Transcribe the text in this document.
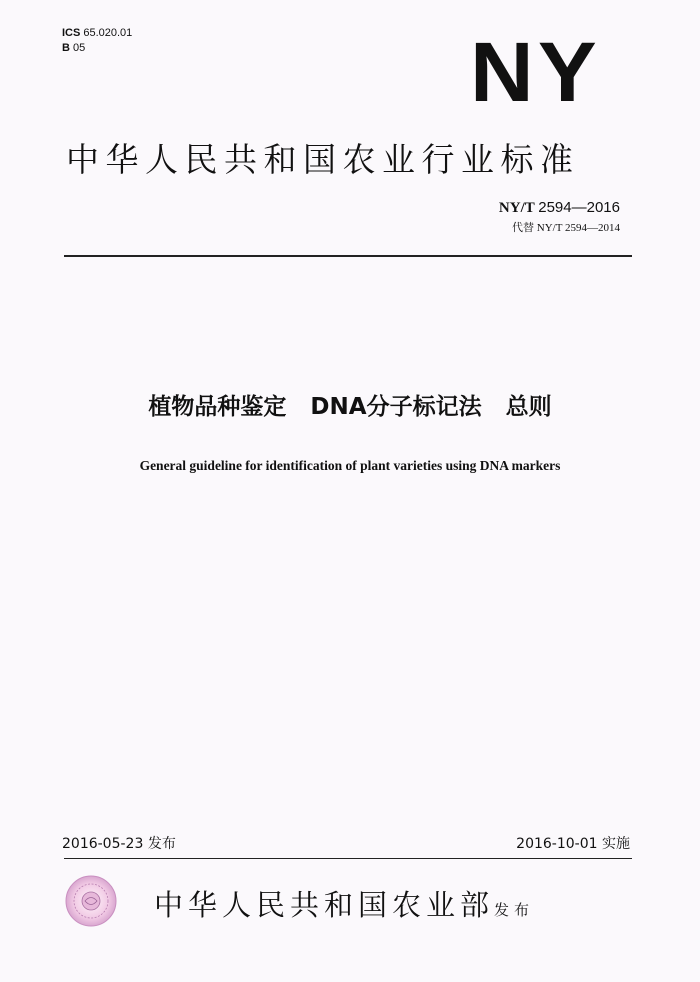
ICS 65.020.01
B 05	NY
中华人民共和国农业行业标准
NY/T 2594—2016
代替 NY/T 2594—2014
植物品种鉴定   DNA分子标记法   总则
General guideline for identification of plant varieties using DNA markers
2016-05-23 发布	2016-10-01 实施
中华人民共和国农业部 发布
